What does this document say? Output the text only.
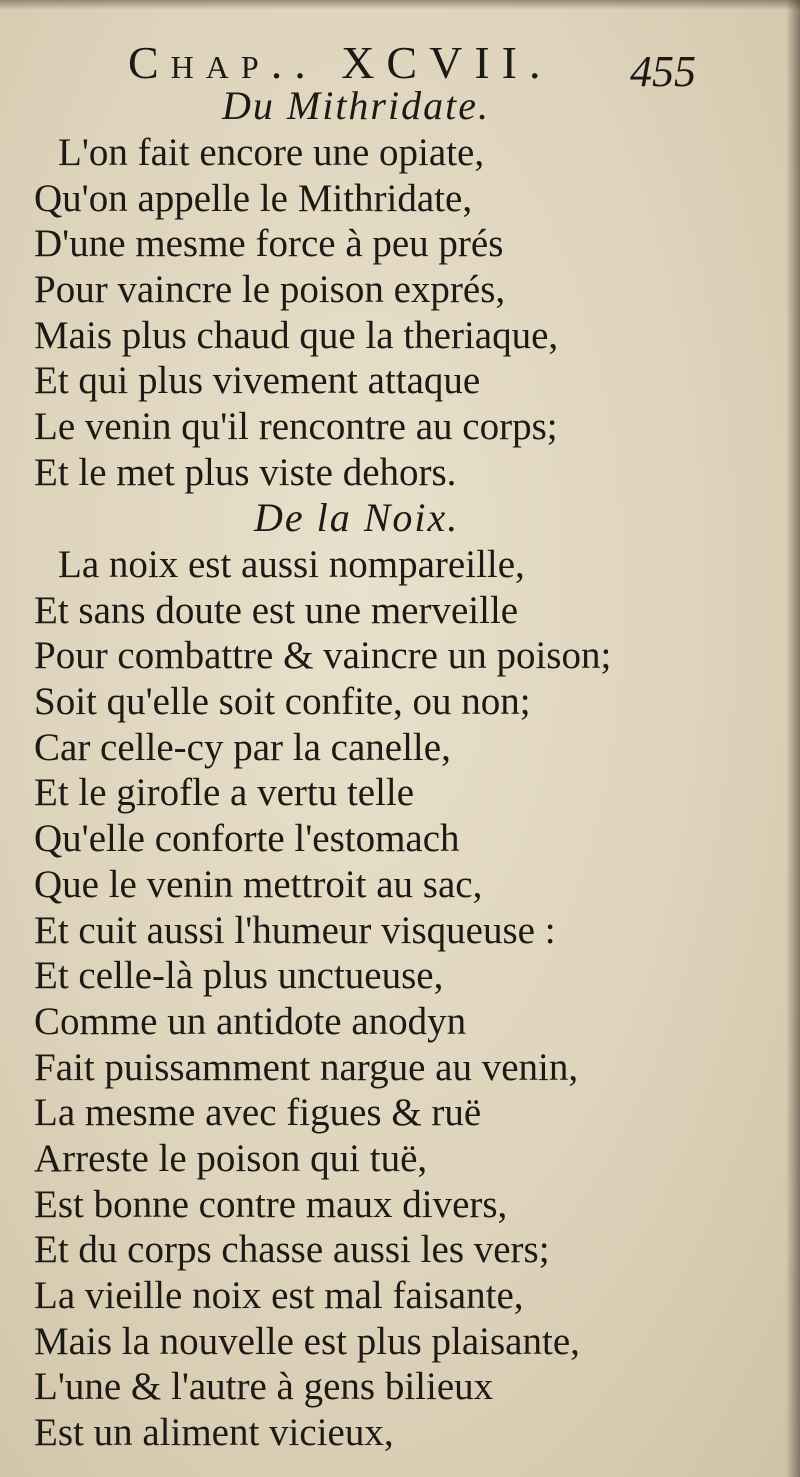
Chap.. XCVII. 455
Du Mithridate.
L'on fait encore une opiate,
Qu'on appelle le Mithridate,
D'une mesme force à peu prés
Pour vaincre le poison exprés,
Mais plus chaud que la theriaque,
Et qui plus vivement attaque
Le venin qu'il rencontre au corps;
Et le met plus viste dehors.
De la Noix.
La noix est aussi nompareille,
Et sans doute est une merveille
Pour combattre & vaincre un poison;
Soit qu'elle soit confite, ou non;
Car celle-cy par la canelle,
Et le girofle a vertu telle
Qu'elle conforte l'estomach
Que le venin mettroit au sac,
Et cuit aussi l'humeur visqueuse :
Et celle-là plus unctueuse,
Comme un antidote anodyn
Fait puissamment nargue au venin,
La mesme avec figues & ruë
Arreste le poison qui tuë,
Est bonne contre maux divers,
Et du corps chasse aussi les vers;
La vieille noix est mal faisante,
Mais la nouvelle est plus plaisante,
L'une & l'autre à gens bilieux
Est un aliment vicieux,
